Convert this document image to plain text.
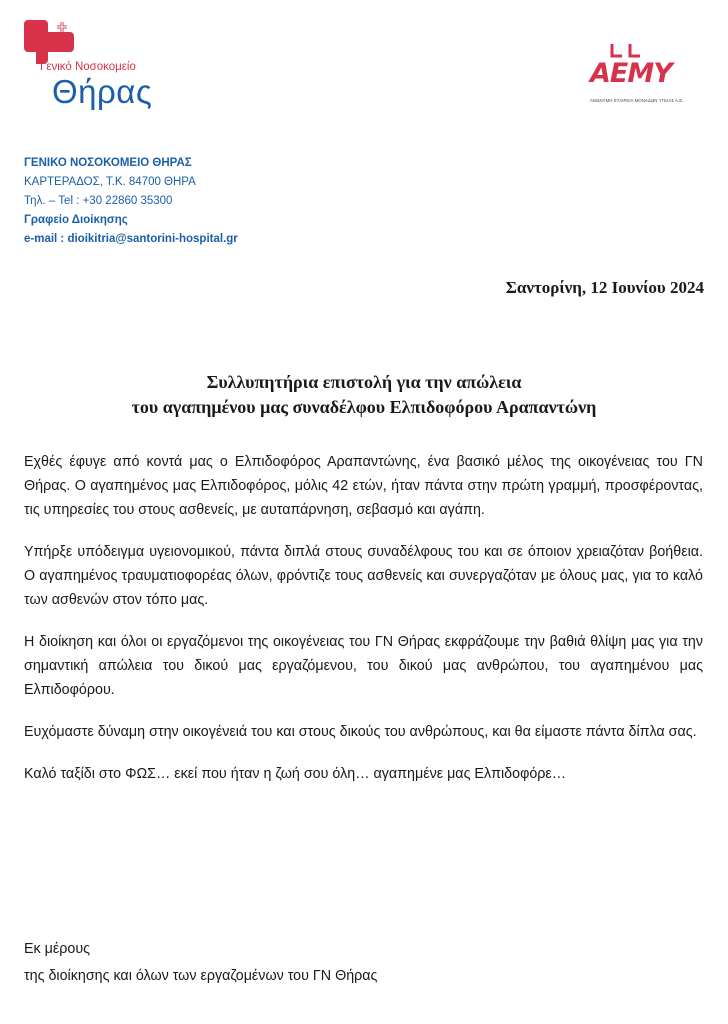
Γενικό Νοσοκομείο
Θήρας	AEMY
ΑΝΩΝΥΜΗ ΕΤΑΙΡΕΙΑ ΜΟΝΑΔΩΝ ΥΓΕΙΑΣ Α.Ε.
ΓΕΝΙΚΟ ΝΟΣΟΚΟΜΕΙΟ ΘΗΡΑΣ
ΚΑΡΤΕΡΑΔΟΣ, Τ.Κ. 84700 ΘΗΡΑ
Τηλ. – Tel : +30 22860 35300
Γραφείο Διοίκησης
e-mail : dioikitria@santorini-hospital.gr
Σαντορίνη, 12 Ιουνίου 2024
Συλλυπητήρια επιστολή για την απώλεια
του αγαπημένου μας συναδέλφου Ελπιδοφόρου Αραπαντώνη

Εχθές έφυγε από κοντά μας ο Ελπιδοφόρος Αραπαντώνης, ένα βασικό μέλος της οικογένειας του ΓΝ Θήρας. Ο αγαπημένος μας Ελπιδοφόρος, μόλις 42 ετών, ήταν πάντα στην πρώτη γραμμή, προσφέροντας, τις υπηρεσίες του στους ασθενείς, με αυταπάρνηση, σεβασμό και αγάπη.

Υπήρξε υπόδειγμα υγειονομικού, πάντα διπλά στους συναδέλφους του και σε όποιον χρειαζόταν βοήθεια. Ο αγαπημένος τραυματιοφορέας όλων, φρόντιζε τους ασθενείς και συνεργαζόταν με όλους μας, για το καλό των ασθενών στον τόπο μας.

Η διοίκηση και όλοι οι εργαζόμενοι της οικογένειας του ΓΝ Θήρας εκφράζουμε την βαθιά θλίψη μας για την σημαντική απώλεια του δικού μας εργαζόμενου, του δικού μας ανθρώπου, του αγαπημένου μας Ελπιδοφόρου.

Ευχόμαστε δύναμη στην οικογένειά του και στους δικούς του ανθρώπους, και θα είμαστε πάντα δίπλα σας.

Καλό ταξίδι στο ΦΩΣ… εκεί που ήταν η ζωή σου όλη… αγαπημένε μας Ελπιδοφόρε…

Εκ μέρους
της διοίκησης και όλων των εργαζομένων του ΓΝ Θήρας
